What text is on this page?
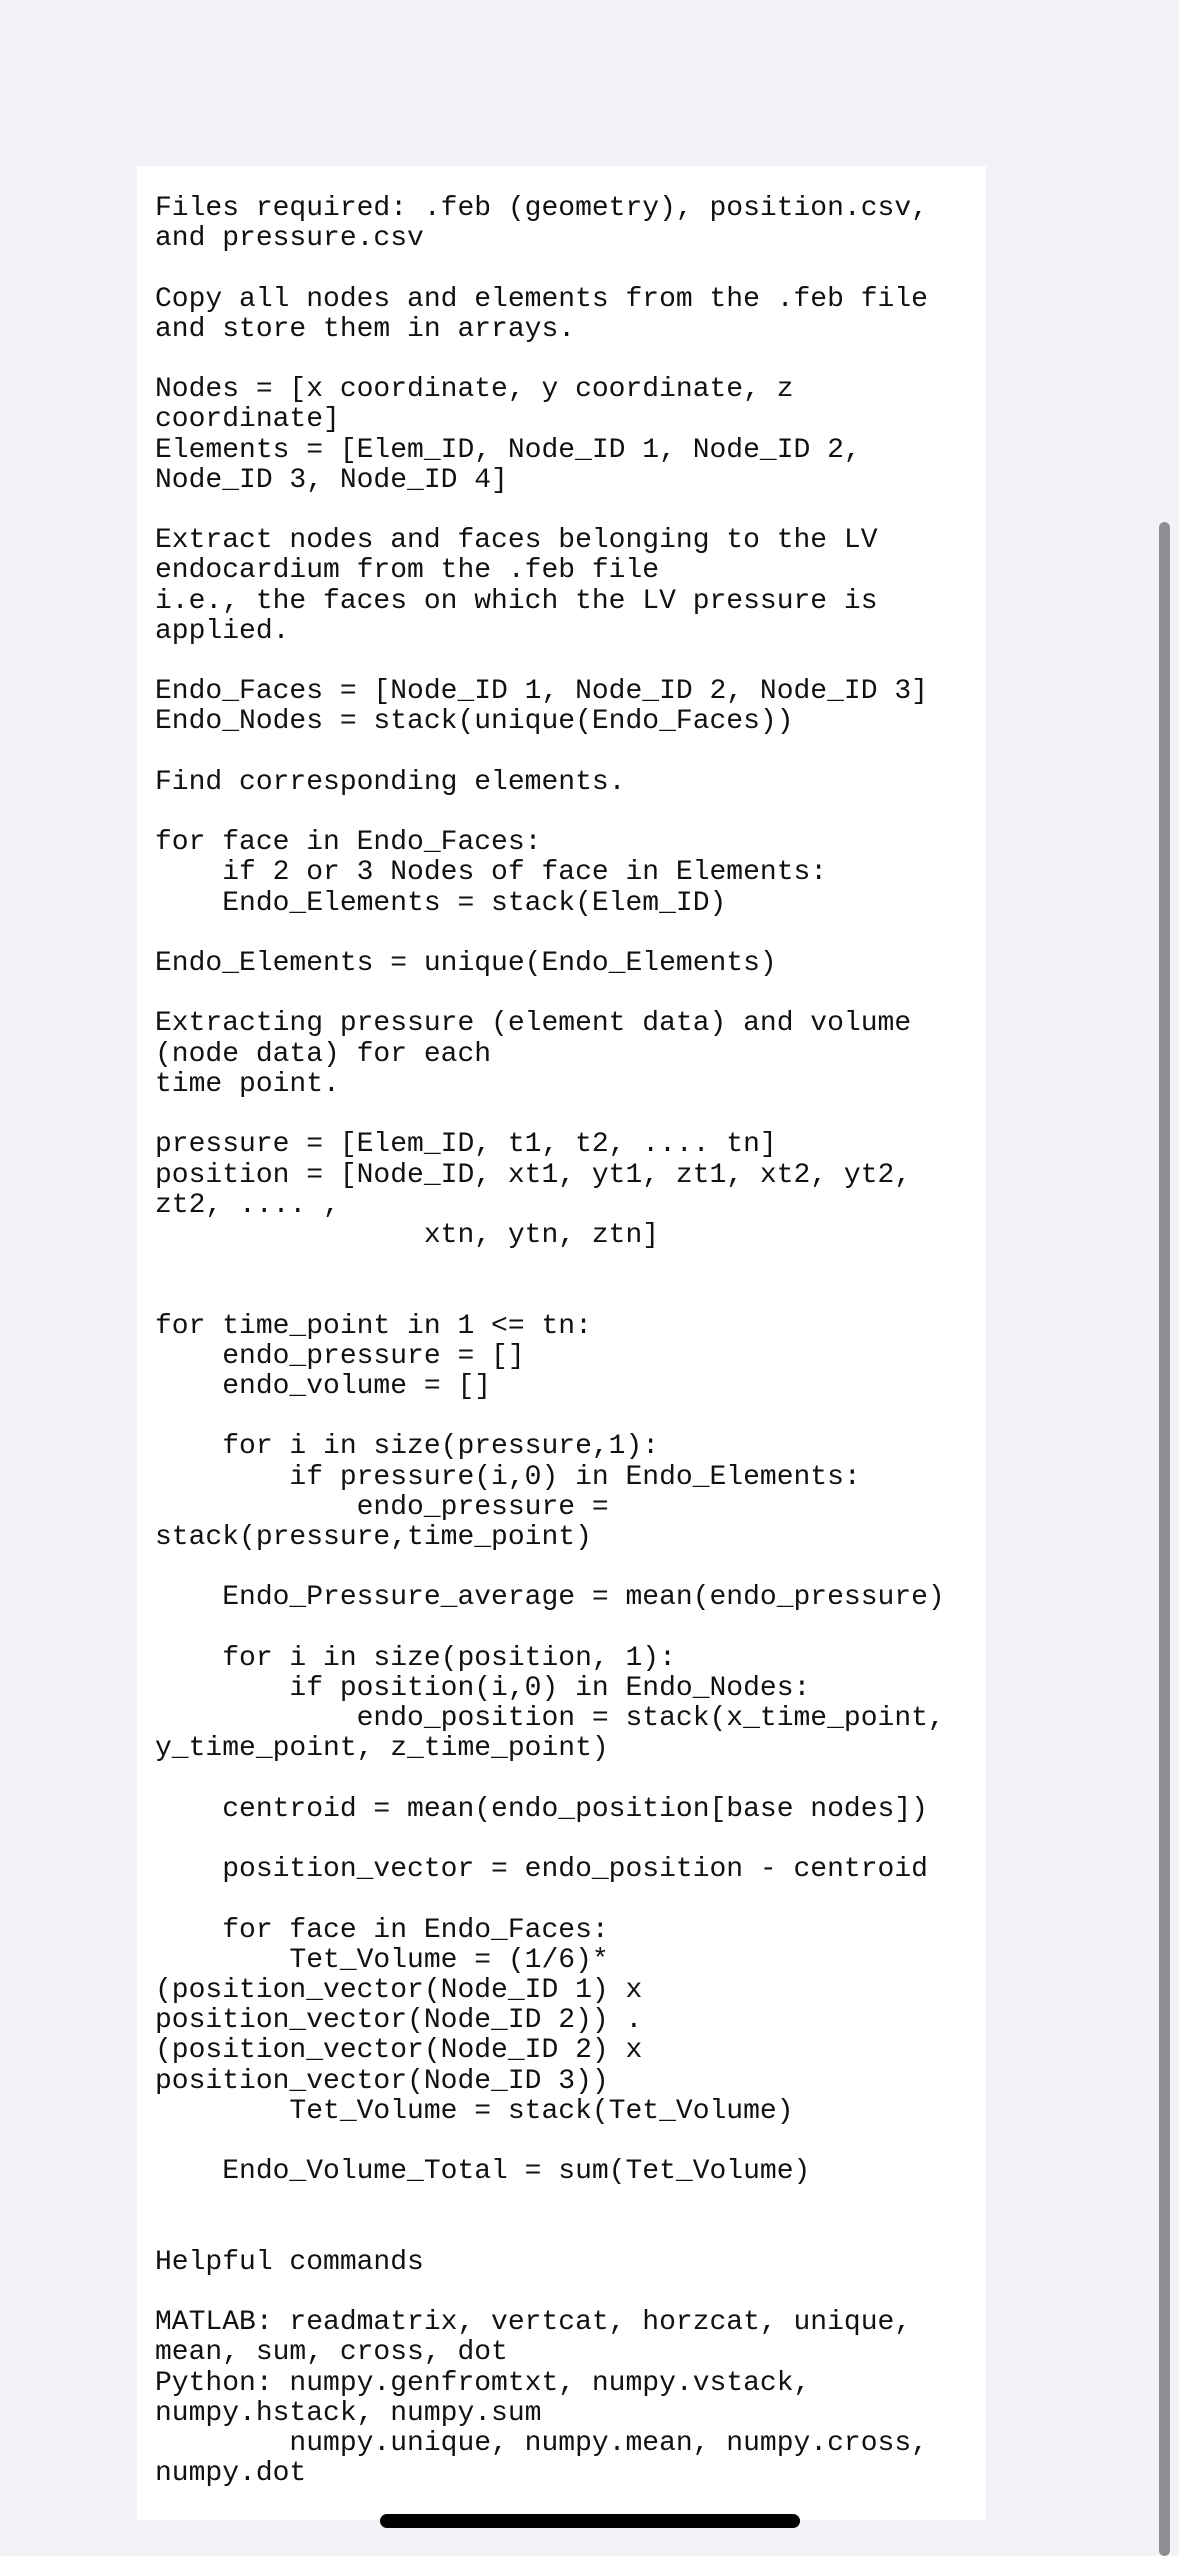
Files required: .feb (geometry), position.csv,
and pressure.csv

Copy all nodes and elements from the .feb file
and store them in arrays.

Nodes = [x coordinate, y coordinate, z
coordinate]
Elements = [Elem_ID, Node_ID 1, Node_ID 2,
Node_ID 3, Node_ID 4]

Extract nodes and faces belonging to the LV
endocardium from the .feb file
i.e., the faces on which the LV pressure is
applied.

Endo_Faces = [Node_ID 1, Node_ID 2, Node_ID 3]
Endo_Nodes = stack(unique(Endo_Faces))

Find corresponding elements.

for face in Endo_Faces:
if 2 or 3 Nodes of face in Elements:
Endo_Elements = stack(Elem_ID)

Endo_Elements = unique(Endo_Elements)

Extracting pressure (element data) and volume
(node data) for each
time point.

pressure = [Elem_ID, t1, t2, .... tn]
position = [Node_ID, xt1, yt1, zt1, xt2, yt2,
zt2, .... ,
xtn, ytn, ztn]

for time_point in 1 <= tn:
endo_pressure = []
endo_volume = []

for i in size(pressure,1):
if pressure(i,0) in Endo_Elements:
endo_pressure =
stack(pressure,time_point)

Endo_Pressure_average = mean(endo_pressure)

for i in size(position, 1):
if position(i,0) in Endo_Nodes:
endo_position = stack(x_time_point,
y_time_point, z_time_point)

centroid = mean(endo_position[base nodes])

position_vector = endo_position - centroid

for face in Endo_Faces:
Tet_Volume = (1/6)*
(position_vector(Node_ID 1) x
position_vector(Node_ID 2)) .
(position_vector(Node_ID 2) x
position_vector(Node_ID 3))
Tet_Volume = stack(Tet_Volume)

Endo_Volume_Total = sum(Tet_Volume)

Helpful commands

MATLAB: readmatrix, vertcat, horzcat, unique,
mean, sum, cross, dot
Python: numpy.genfromtxt, numpy.vstack,
numpy.hstack, numpy.sum
numpy.unique, numpy.mean, numpy.cross,
numpy.dot
